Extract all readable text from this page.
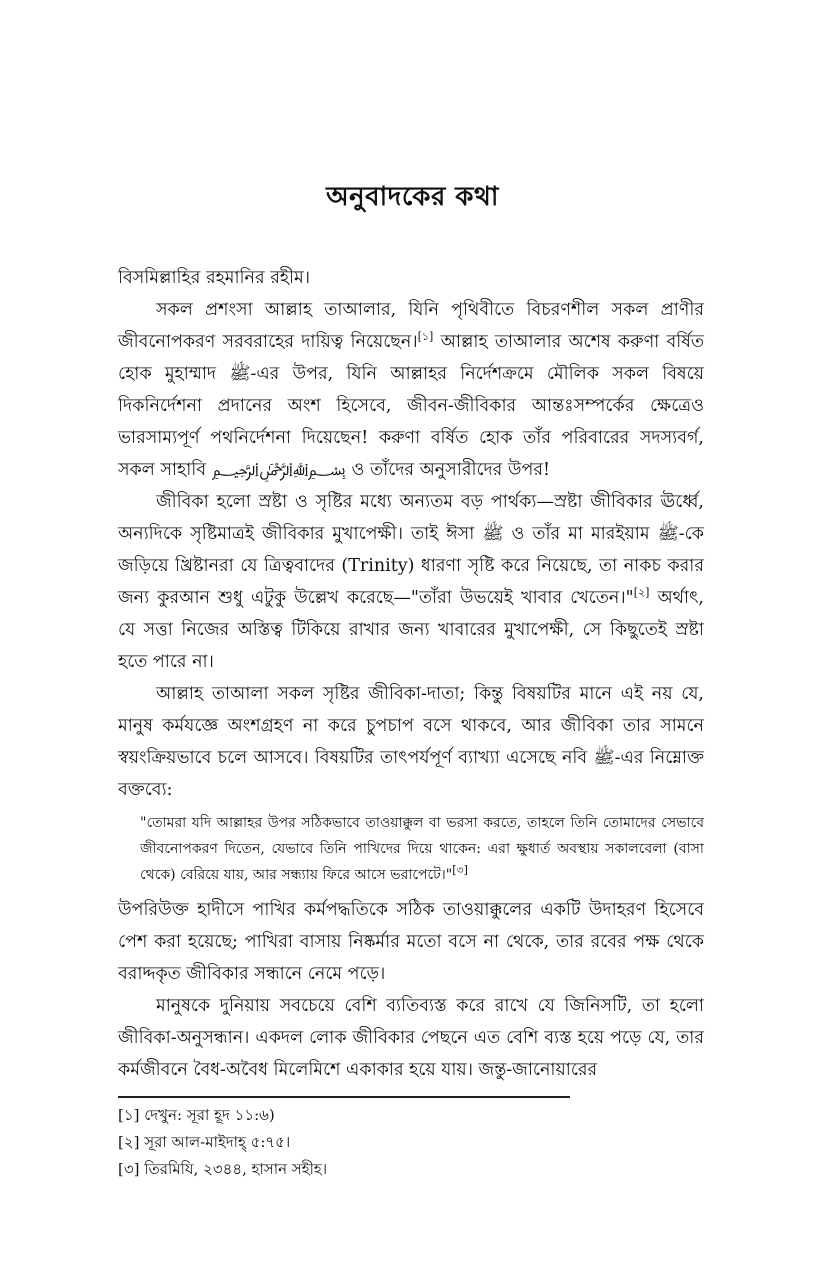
অনুবাদকের কথা

বিসমিল্লাহির রহমানির রহীম।

সকল প্রশংসা আল্লাহ তাআলার, যিনি পৃথিবীতে বিচরণশীল সকল প্রাণীর জীবনোপকরণ সরবরাহের দায়িত্ব নিয়েছেন।[১] আল্লাহ তাআলার অশেষ করুণা বর্ষিত হোক মুহাম্মাদ ﷺ-এর উপর, যিনি আল্লাহর নির্দেশক্রমে মৌলিক সকল বিষয়ে দিকনির্দেশনা প্রদানের অংশ হিসেবে, জীবন-জীবিকার আন্তঃসম্পর্কের ক্ষেত্রেও ভারসাম্যপূর্ণ পথনির্দেশনা দিয়েছেন! করুণা বর্ষিত হোক তাঁর পরিবারের সদস্যবর্গ, সকল সাহাবি ﷽ ও তাঁদের অনুসারীদের উপর!

জীবিকা হলো স্রষ্টা ও সৃষ্টির মধ্যে অন্যতম বড় পার্থক্য—স্রষ্টা জীবিকার ঊর্ধ্বে, অন্যদিকে সৃষ্টিমাত্রই জীবিকার মুখাপেক্ষী। তাই ঈসা ﷺ ও তাঁর মা মারইয়াম ﷺ-কে জড়িয়ে খ্রিষ্টানরা যে ত্রিত্ববাদের (Trinity) ধারণা সৃষ্টি করে নিয়েছে, তা নাকচ করার জন্য কুরআন শুধু এটুকু উল্লেখ করেছে—"তাঁরা উভয়েই খাবার খেতেন।"[২] অর্থাৎ, যে সত্তা নিজের অস্তিত্ব টিকিয়ে রাখার জন্য খাবারের মুখাপেক্ষী, সে কিছুতেই স্রষ্টা হতে পারে না।

আল্লাহ তাআলা সকল সৃষ্টির জীবিকা-দাতা; কিন্তু বিষয়টির মানে এই নয় যে, মানুষ কর্মযজ্ঞে অংশগ্রহণ না করে চুপচাপ বসে থাকবে, আর জীবিকা তার সামনে স্বয়ংক্রিয়ভাবে চলে আসবে। বিষয়টির তাৎপর্যপূর্ণ ব্যাখ্যা এসেছে নবি ﷺ-এর নিম্নোক্ত বক্তব্যে:

"তোমরা যদি আল্লাহর উপর সঠিকভাবে তাওয়াক্কুল বা ভরসা করতে, তাহলে তিনি তোমাদের সেভাবে জীবনোপকরণ দিতেন, যেভাবে তিনি পাখিদের দিয়ে থাকেন: এরা ক্ষুধার্ত অবস্থায় সকালবেলা (বাসা থেকে) বেরিয়ে যায়, আর সন্ধ্যায় ফিরে আসে ভরাপেটে।"[৩]

উপরিউক্ত হাদীসে পাখির কর্মপদ্ধতিকে সঠিক তাওয়াক্কুলের একটি উদাহরণ হিসেবে পেশ করা হয়েছে; পাখিরা বাসায় নিষ্কর্মার মতো বসে না থেকে, তার রবের পক্ষ থেকে বরাদ্দকৃত জীবিকার সন্ধানে নেমে পড়ে।

মানুষকে দুনিয়ায় সবচেয়ে বেশি ব্যতিব্যস্ত করে রাখে যে জিনিসটি, তা হলো জীবিকা-অনুসন্ধান। একদল লোক জীবিকার পেছনে এত বেশি ব্যস্ত হয়ে পড়ে যে, তার কর্মজীবনে বৈধ-অবৈধ মিলেমিশে একাকার হয়ে যায়। জন্তু-জানোয়ারের

[১] দেখুন: সূরা হূদ ১১:৬)
[২] সূরা আল-মাইদাহ্ ৫:৭৫।
[৩] তিরমিযি, ২৩৪৪, হাসান সহীহ।
